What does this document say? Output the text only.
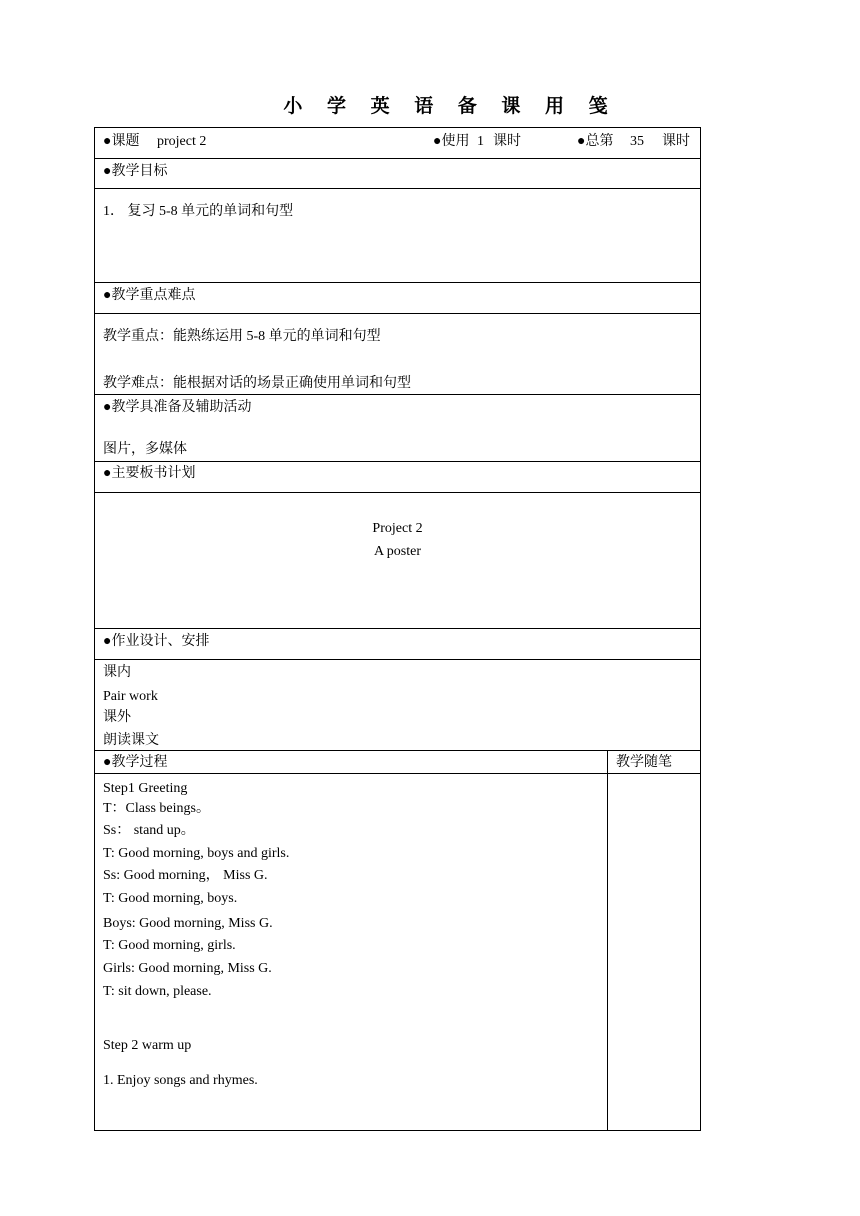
小 学 英 语 备 课 用 笺
●课题 project 2	●使用 1 课时	●总第 35 课时
●教学目标
1． 复习 5-8 单元的单词和句型
●教学重点难点
教学重点：能熟练运用 5-8 单元的单词和句型
教学难点：能根据对话的场景正确使用单词和句型
●教学具准备及辅助活动
图片，多媒体
●主要板书计划
Project 2
A poster
●作业设计、安排
课内
Pair work
课外
朗读课文
●教学过程	教学随笔
Step1 Greeting
T：Class beings。
Ss： stand up。
T: Good morning, boys and girls.
Ss: Good morning， Miss G.
T: Good morning, boys.
Boys: Good morning, Miss G.
T: Good morning, girls.
Girls: Good morning, Miss G.
T: sit down, please.
Step 2 warm up
1. Enjoy songs and rhymes.
